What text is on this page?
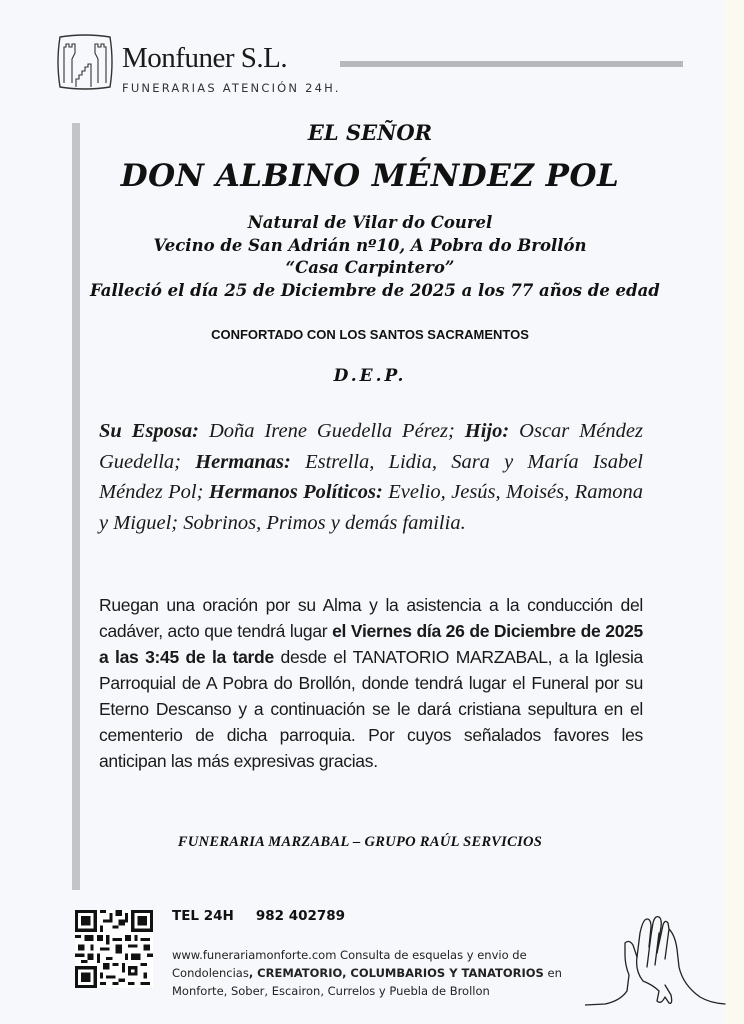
Monfuner S.L.
FUNERARIAS ATENCIÓN 24H.
EL SEÑOR
DON ALBINO MÉNDEZ POL
Natural de Vilar do Courel
Vecino de San Adrián nº10, A Pobra do Brollón
“Casa Carpintero”
Falleció el día 25 de Diciembre de 2025 a los 77 años de edad
CONFORTADO CON LOS SANTOS SACRAMENTOS
D.E.P.
Su Esposa: Doña Irene Guedella Pérez; Hijo: Oscar Méndez Guedella; Hermanas: Estrella, Lidia, Sara y María Isabel Méndez Pol; Hermanos Políticos: Evelio, Jesús, Moisés, Ramona y Miguel; Sobrinos, Primos y demás familia.
Ruegan una oración por su Alma y la asistencia a la conducción del cadáver, acto que tendrá lugar el Viernes día 26 de Diciembre de 2025 a las 3:45 de la tarde desde el TANATORIO MARZABAL, a la Iglesia Parroquial de A Pobra do Brollón, donde tendrá lugar el Funeral por su Eterno Descanso y a continuación se le dará cristiana sepultura en el cementerio de dicha parroquia. Por cuyos señalados favores les anticipan las más expresivas gracias.
FUNERARIA MARZABAL – GRUPO RAÚL SERVICIOS
TEL 24H 982 402789
www.funerariamonforte.com Consulta de esquelas y envio de Condolencias, CREMATORIO, COLUMBARIOS Y TANATORIOS en Monforte, Sober, Escairon, Currelos y Puebla de Brollon
